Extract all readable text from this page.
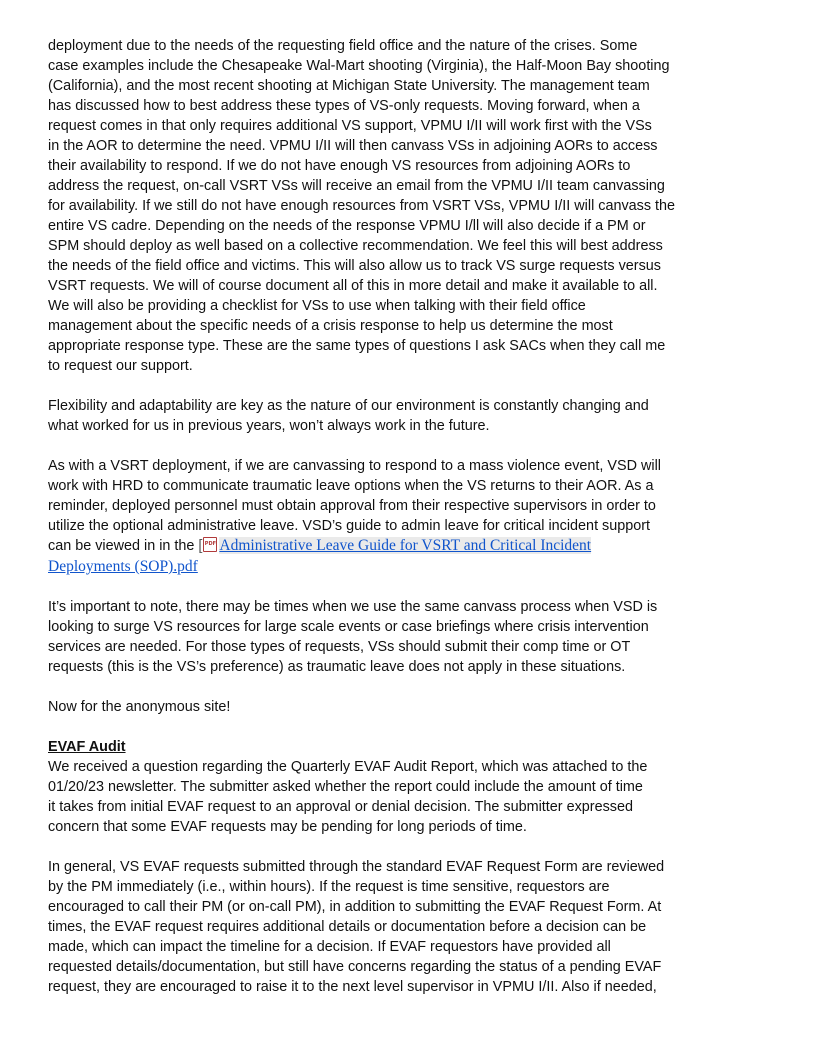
deployment due to the needs of the requesting field office and the nature of the crises. Some
case examples include the Chesapeake Wal-Mart shooting (Virginia), the Half-Moon Bay shooting
(California), and the most recent shooting at Michigan State University. The management team
has discussed how to best address these types of VS-only requests. Moving forward, when a
request comes in that only requires additional VS support, VPMU I/II will work first with the VSs
in the AOR to determine the need. VPMU I/II will then canvass VSs in adjoining AORs to access
their availability to respond. If we do not have enough VS resources from adjoining AORs to
address the request, on-call VSRT VSs will receive an email from the VPMU I/II team canvassing
for availability. If we still do not have enough resources from VSRT VSs, VPMU I/II will canvass the
entire VS cadre. Depending on the needs of the response VPMU I/ll will also decide if a PM or
SPM should deploy as well based on a collective recommendation. We feel this will best address
the needs of the field office and victims. This will also allow us to track VS surge requests versus
VSRT requests. We will of course document all of this in more detail and make it available to all.
We will also be providing a checklist for VSs to use when talking with their field office
management about the specific needs of a crisis response to help us determine the most
appropriate response type. These are the same types of questions I ask SACs when they call me
to request our support.
Flexibility and adaptability are key as the nature of our environment is constantly changing and
what worked for us in previous years, won’t always work in the future.
As with a VSRT deployment, if we are canvassing to respond to a mass violence event, VSD will
work with HRD to communicate traumatic leave options when the VS returns to their AOR. As a
reminder, deployed personnel must obtain approval from their respective supervisors in order to
utilize the optional administrative leave. VSD’s guide to admin leave for critical incident support
can be viewed in in the [ PDF Administrative Leave Guide for VSRT and Critical Incident
Deployments (SOP).pdf
It’s important to note, there may be times when we use the same canvass process when VSD is
looking to surge VS resources for large scale events or case briefings where crisis intervention
services are needed. For those types of requests, VSs should submit their comp time or OT
requests (this is the VS’s preference) as traumatic leave does not apply in these situations.
Now for the anonymous site!
EVAF Audit
We received a question regarding the Quarterly EVAF Audit Report, which was attached to the
01/20/23 newsletter. The submitter asked whether the report could include the amount of time
it takes from initial EVAF request to an approval or denial decision. The submitter expressed
concern that some EVAF requests may be pending for long periods of time.
In general, VS EVAF requests submitted through the standard EVAF Request Form are reviewed
by the PM immediately (i.e., within hours). If the request is time sensitive, requestors are
encouraged to call their PM (or on-call PM), in addition to submitting the EVAF Request Form. At
times, the EVAF request requires additional details or documentation before a decision can be
made, which can impact the timeline for a decision. If EVAF requestors have provided all
requested details/documentation, but still have concerns regarding the status of a pending EVAF
request, they are encouraged to raise it to the next level supervisor in VPMU I/II. Also if needed,
